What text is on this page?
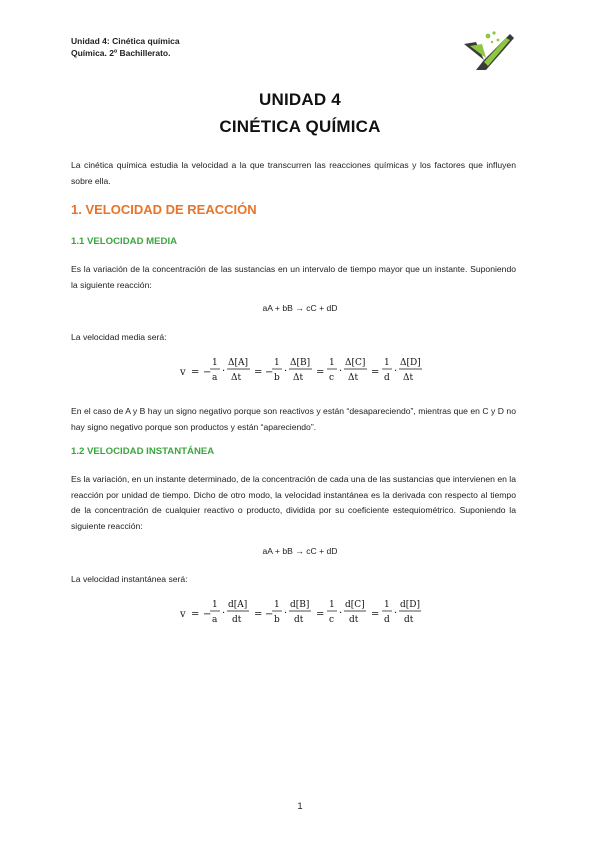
Unidad 4: Cinética química
Química. 2º Bachillerato.
UNIDAD 4
CINÉTICA QUÍMICA
La cinética química estudia la velocidad a la que transcurren las reacciones químicas y los factores que influyen sobre ella.
1. VELOCIDAD DE REACCIÓN
1.1 VELOCIDAD MEDIA
Es la variación de la concentración de las sustancias en un intervalo de tiempo mayor que un instante. Suponiendo la siguiente reacción:
aA + bB → cC + dD
La velocidad media será:
v = −
1
a
·
Δ[A]
Δt = −
1
b
·
Δ[B]
Δt =
1
c
·
Δ[C]
Δt =
1
d
·
Δ[D]
Δt
En el caso de A y B hay un signo negativo porque son reactivos y están “desapareciendo”, mientras que en C y D no hay signo negativo porque son productos y están “apareciendo”.
1.2 VELOCIDAD INSTANTÁNEA
Es la variación, en un instante determinado, de la concentración de cada una de las sustancias que intervienen en la reacción por unidad de tiempo. Dicho de otro modo, la velocidad instantánea es la derivada con respecto al tiempo de la concentración de cualquier reactivo o producto, dividida por su coeficiente estequiométrico. Suponiendo la siguiente reacción:
aA + bB → cC + dD
La velocidad instantánea será:
v = −
1
a
·
d[A]
dt = −
1
b
·
d[B]
dt =
1
c
·
d[C]
dt =
1
d
·
d[D]
dt
1
